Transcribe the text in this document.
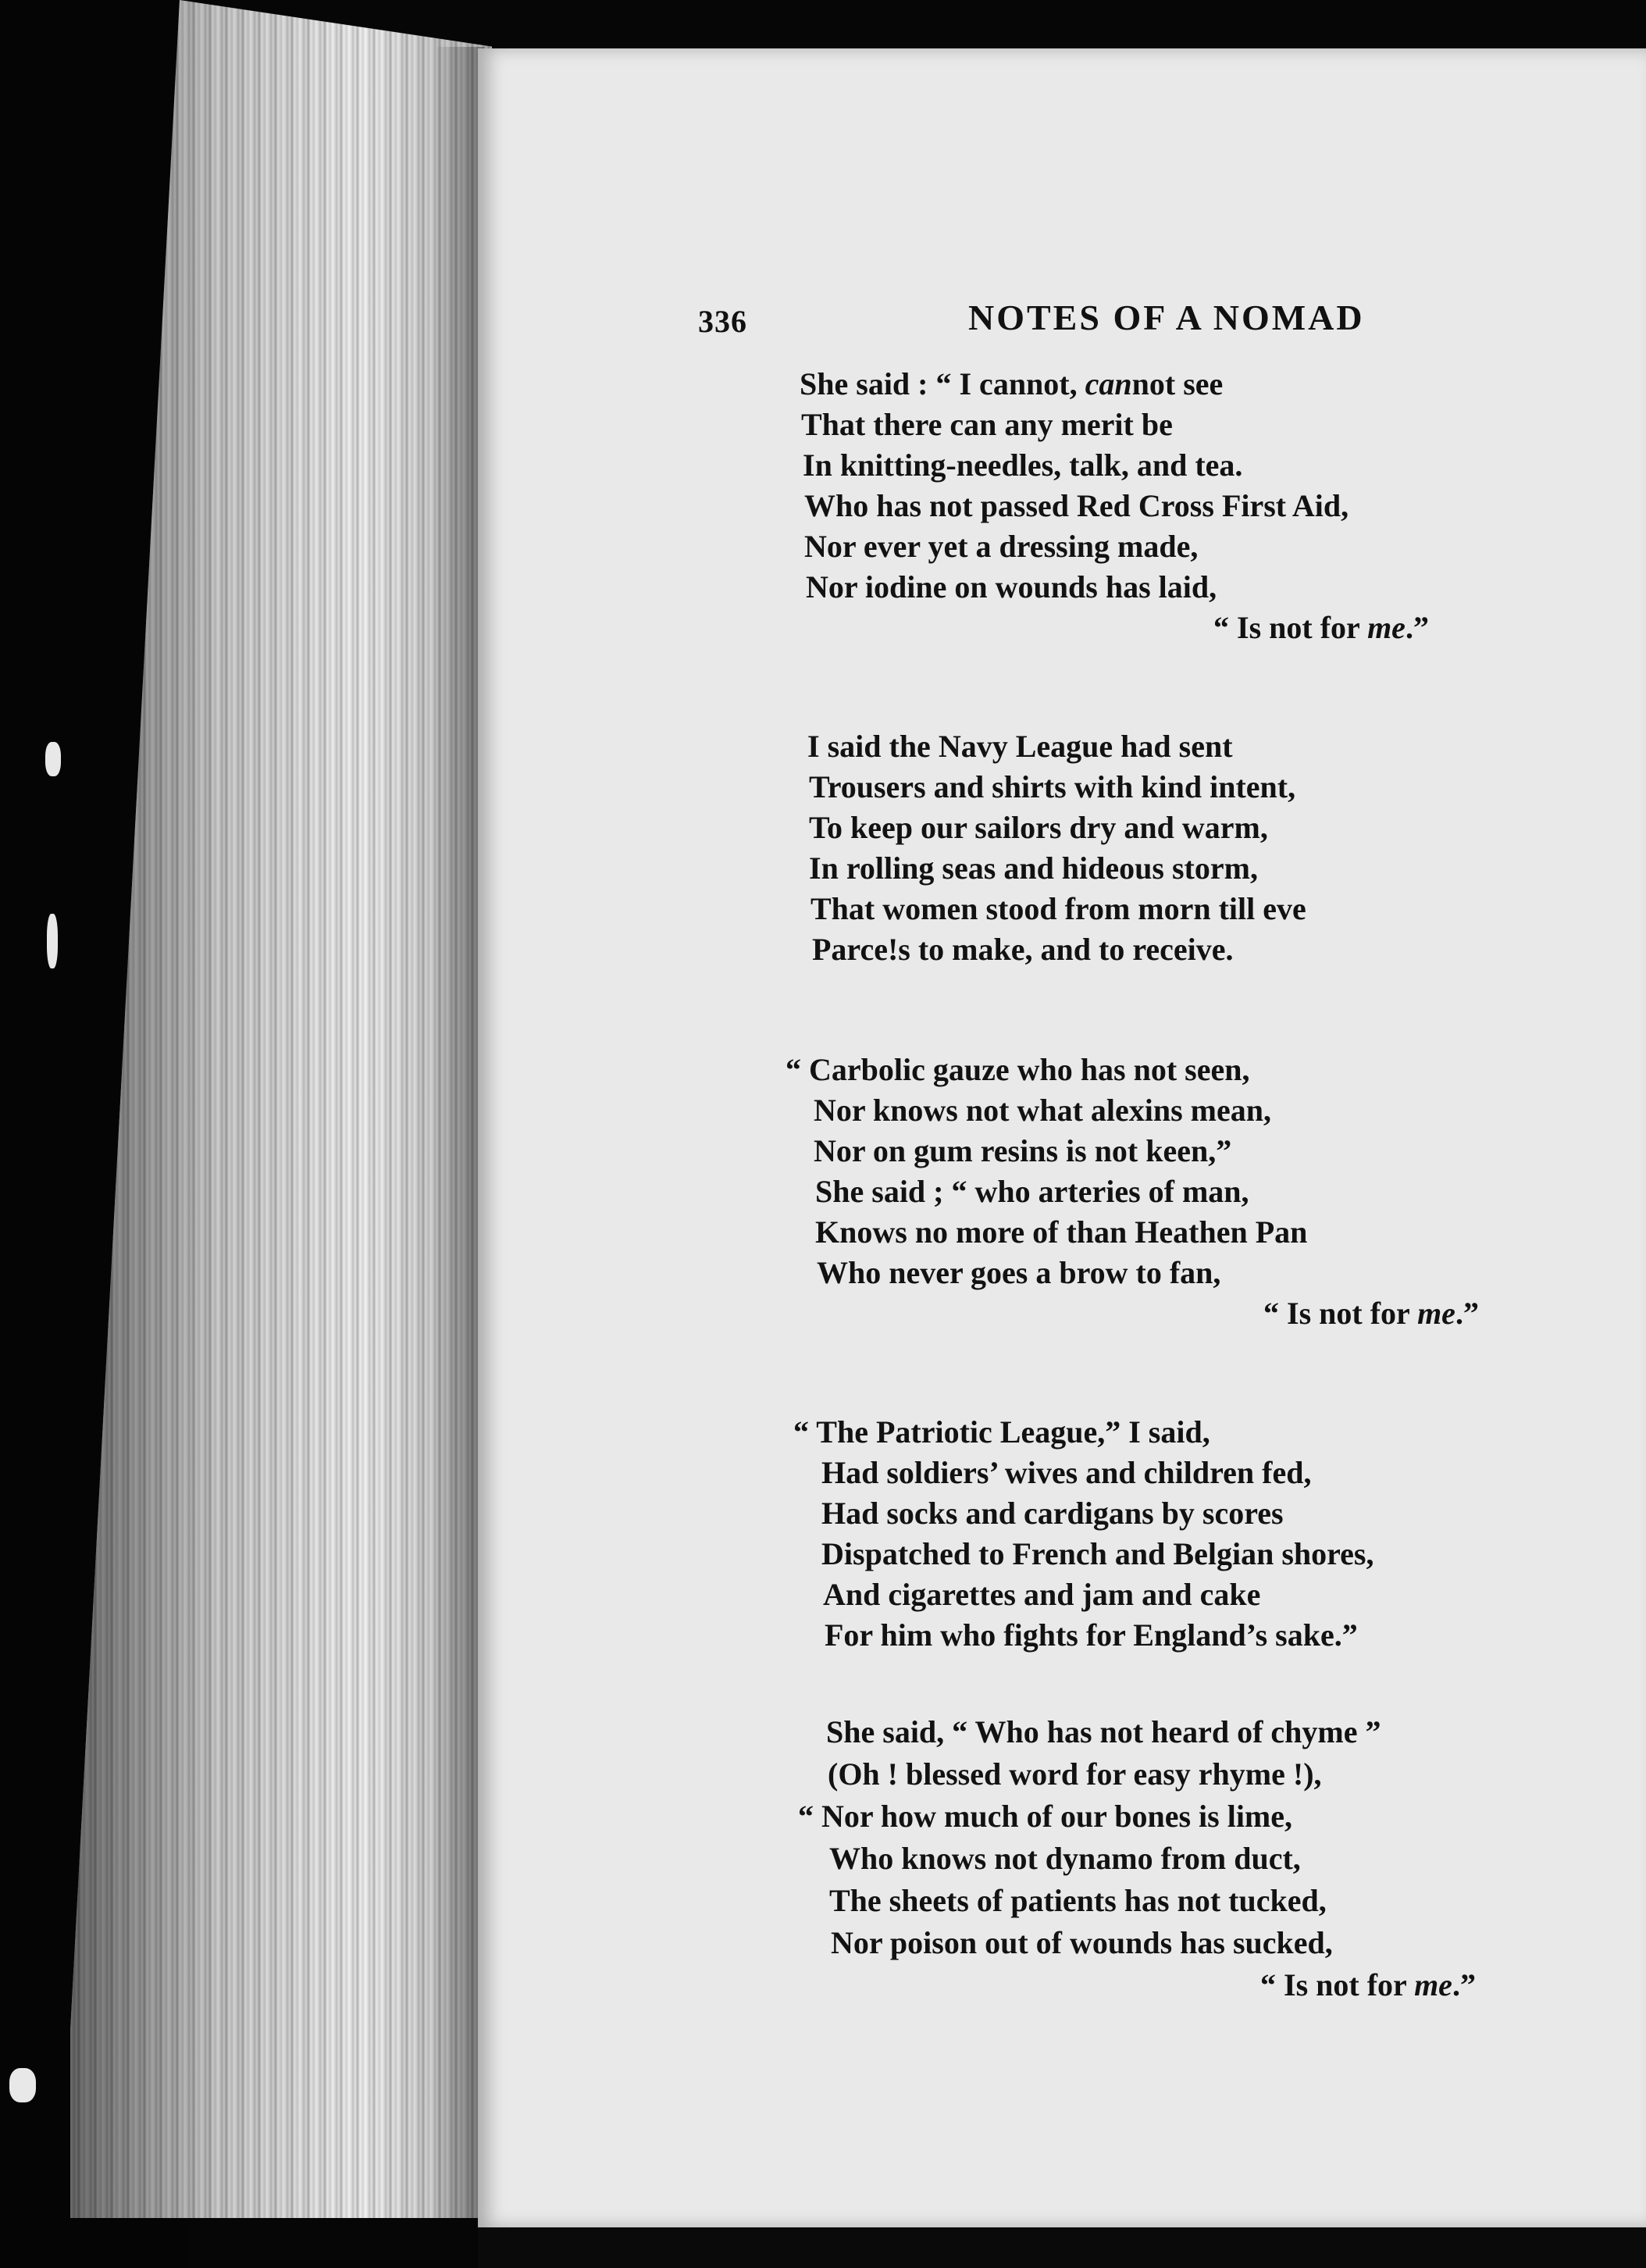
336	NOTES OF A NOMAD
She said : “ I cannot, cannot see
That there can any merit be
In knitting-needles, talk, and tea.
Who has not passed Red Cross First Aid,
Nor ever yet a dressing made,
Nor iodine on wounds has laid,
“ Is not for me.”
I said the Navy League had sent
Trousers and shirts with kind intent,
To keep our sailors dry and warm,
In rolling seas and hideous storm,
That women stood from morn till eve
Parce!s to make, and to receive.
“ Carbolic gauze who has not seen,
Nor knows not what alexins mean,
Nor on gum resins is not keen,”
She said ; “ who arteries of man,
Knows no more of than Heathen Pan
Who never goes a brow to fan,
“ Is not for me.”
“ The Patriotic League,” I said,
Had soldiers’ wives and children fed,
Had socks and cardigans by scores
Dispatched to French and Belgian shores,
And cigarettes and jam and cake
For him who fights for England’s sake.”
She said, “ Who has not heard of chyme ”
(Oh ! blessed word for easy rhyme !),
“ Nor how much of our bones is lime,
Who knows not dynamo from duct,
The sheets of patients has not tucked,
Nor poison out of wounds has sucked,
“ Is not for me.”
